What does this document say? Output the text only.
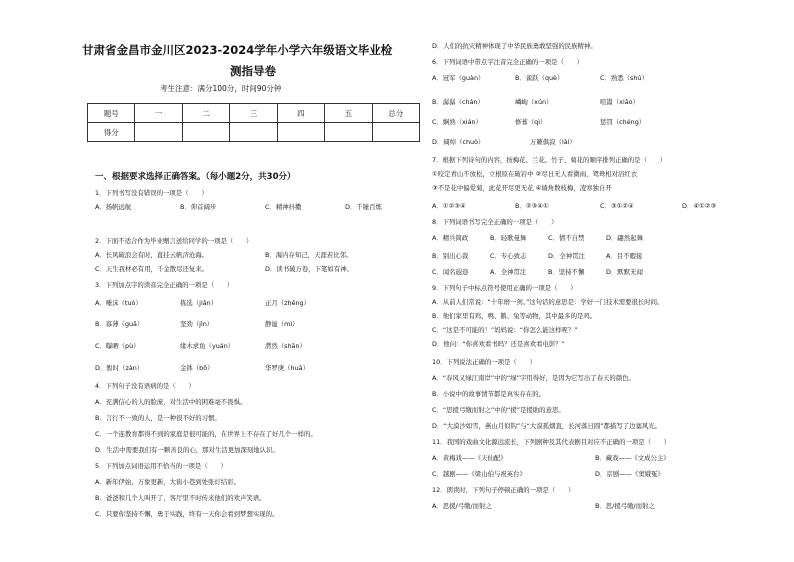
甘肃省金昌市金川区2023-2024学年小学六年级语文毕业检
测指导卷
考生注意：满分100分，时间90分钟
题号	一	二	三	四	五	总分
得分						
一、根据要求选择正确答案。（每小题2分，共30分）
1．下列书写没有错误的一项是（　　）
A．扬帆远航	B．仰首阔步	C．精神抖擞	D．千锤百炼
2．下面不适合作为毕业赠言送给同学的一项是（　　）
A．长风破浪会有时，直挂云帆济沧海。	B．海内存知己，天涯若比邻。
C．天生我材必有用，千金散尽还复来。	D．读书破万卷，下笔如有神。
3．下列加点字的读音完全正确的一项是（　　）
A．唾沫（tuò）	拣选（jiǎn）	正月（zhēng）
B．寡薄（guǎ）	坚劲（jìn）	静谧（mì）
C．曝晒（pù）	缘木求鱼（yuán）	潸然（shān）
D．暂时（zàn）	金钵（bō）	华罗庚（huā）
4．下列句子没有语病的是（　　）
A．充满信心的人的脸庞，对生活中的困难毫不畏惧。
B．言行不一致的人，是一种很不好的习惯。
C．一个连教育都得不到的家庭是很可能的，在世界上不存在了好几个一样的。
D．生活中需要我们有一颗善良的心，那对生活更加深刻地认识。
5．下列加点词语运用不恰当的一项是（　　）
A．新年伊始，万象更新，大街小巷到处张灯结彩。
B．爸爸和几个人叫开了，客厅里不时传来他们的欢声笑语。
C．只要你坚持不懈，勇于实践，终有一天你会看到梦想实现的。
D．人们的抗灾精神体现了中华民族勇敢坚强的民族精神。
6．下列词语中带点字注音完全正确的一项是（　　）
A．冠军（guàn）	B．雀跃（què）	C．熟悉（shú）
B．潺潺（chán）	嶙峋（xún）	喧嚣（xiāo）
C．娴熟（xián）	修葺（qì）	惩罚（chéng）
D．阔绰（chuò）	万籁俱寂（lài）
7．根据下列诗句的内容，按梅花、兰花、竹子、菊花的顺序排列正确的是（　　）
①咬定青山不放松，立根原在破岩中 ②尽日无人看微雨，鸳鸯相对浴红衣
③不是花中偏爱菊，此花开尽更无花 ④墙角数枝梅，凌寒独自开
A．①②③④	B．②③④①	C．③①②④	D．④①②③
8．下列词语书写完全正确的一项是（　　）
A．精兵简政	B．轻歌曼舞	C．情不自禁	D．翩然起舞
B．别出心裁	C．专心致志	D．全神贯注	A．目不暇接
C．闻名遐迩	A．全神贯注	B．坚持不懈	D．默默无闻
9．下列句子中标点符号使用正确的一项是（　　）
A．从前人们常说：“十年磨一剑。”这句话的意思是：学好一门技术需要很长时间。
B．他们家里有鸡、鸭、鹅、兔等动物，其中最多的是鸡。
C．“这是不可能的！”妈妈说：“你怎么能这样呢？”
D．他问：“你喜欢看书吗？还是喜欢看电影？”
10．下列说法正确的一项是（　　）
A．“春风又绿江南岸”中的“绿”字用得好，是因为它写出了春天的颜色。
B．小说中的故事情节都是真实存在的。
C．“思援弓缴而射之”中的“援”是援助的意思。
D．“大漠沙如雪，燕山月似钩”与“大漠孤烟直，长河落日圆”都描写了边塞风光。
11．我国的戏曲文化源远流长，下列剧种及其代表剧目对应不正确的一项是（　　）
A．黄梅戏——《天仙配》	B．藏戏——《文成公主》
C．越剧——《梁山伯与祝英台》	D．京剧——《窦娥冤》
12．朗读时，下列句子停顿正确的一项是（　　）
A．思援/弓缴/而射之	B．思/援弓缴/而射之
